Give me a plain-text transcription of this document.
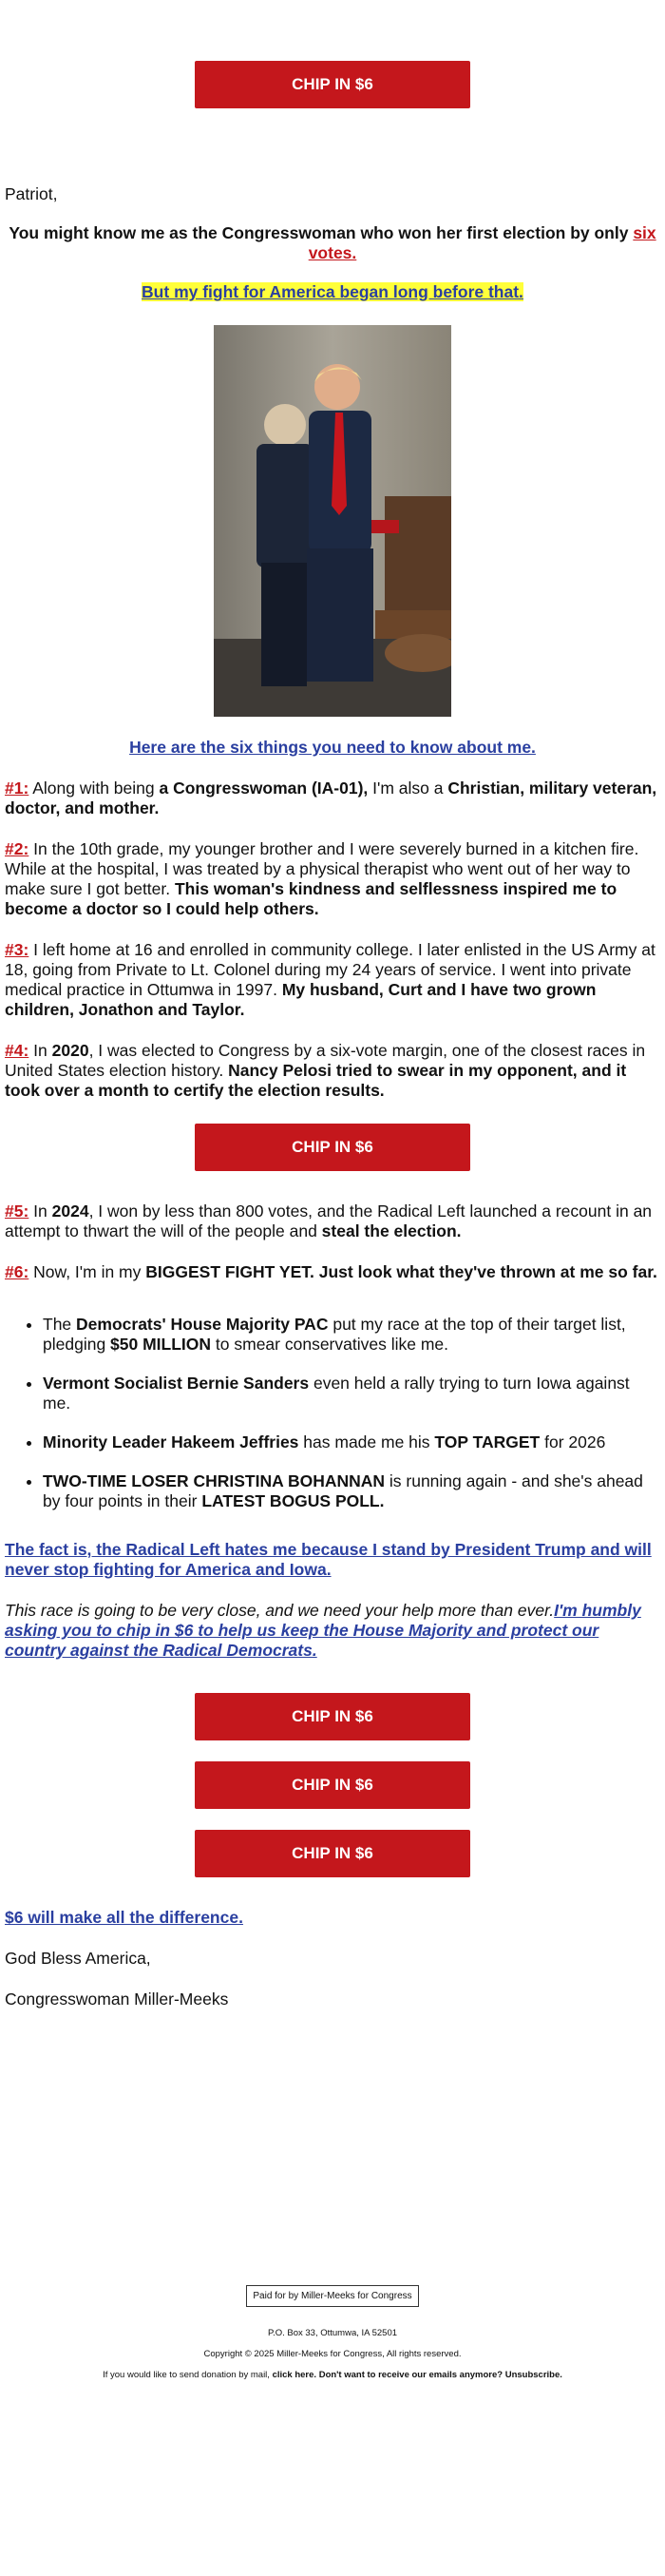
CHIP IN $6

Patriot,

You might know me as the Congresswoman who won her first election by only six votes.

But my fight for America began long before that.

Here are the six things you need to know about me.

#1: Along with being a Congresswoman (IA-01), I'm also a Christian, military veteran, doctor, and mother.

#2: In the 10th grade, my younger brother and I were severely burned in a kitchen fire. While at the hospital, I was treated by a physical therapist who went out of her way to make sure I got better. This woman's kindness and selflessness inspired me to become a doctor so I could help others.

#3: I left home at 16 and enrolled in community college. I later enlisted in the US Army at 18, going from Private to Lt. Colonel during my 24 years of service. I went into private medical practice in Ottumwa in 1997. My husband, Curt and I have two grown children, Jonathon and Taylor.

#4: In 2020, I was elected to Congress by a six-vote margin, one of the closest races in United States election history. Nancy Pelosi tried to swear in my opponent, and it took over a month to certify the election results.

CHIP IN $6

#5: In 2024, I won by less than 800 votes, and the Radical Left launched a recount in an attempt to thwart the will of the people and steal the election.

#6: Now, I'm in my BIGGEST FIGHT YET. Just look what they've thrown at me so far.

• The Democrats' House Majority PAC put my race at the top of their target list, pledging $50 MILLION to smear conservatives like me.
• Vermont Socialist Bernie Sanders even held a rally trying to turn Iowa against me.
• Minority Leader Hakeem Jeffries has made me his TOP TARGET for 2026
• TWO-TIME LOSER CHRISTINA BOHANNAN is running again - and she's ahead by four points in their LATEST BOGUS POLL.

The fact is, the Radical Left hates me because I stand by President Trump and will never stop fighting for America and Iowa.

This race is going to be very close, and we need your help more than ever.I'm humbly asking you to chip in $6 to help us keep the House Majority and protect our country against the Radical Democrats.

CHIP IN $6
CHIP IN $6
CHIP IN $6

$6 will make all the difference.

God Bless America,

Congresswoman Miller-Meeks

Paid for by Miller-Meeks for Congress
P.O. Box 33, Ottumwa, IA 52501
Copyright © 2025 Miller-Meeks for Congress, All rights reserved.
If you would like to send donation by mail, click here. Don't want to receive our emails anymore? Unsubscribe.
